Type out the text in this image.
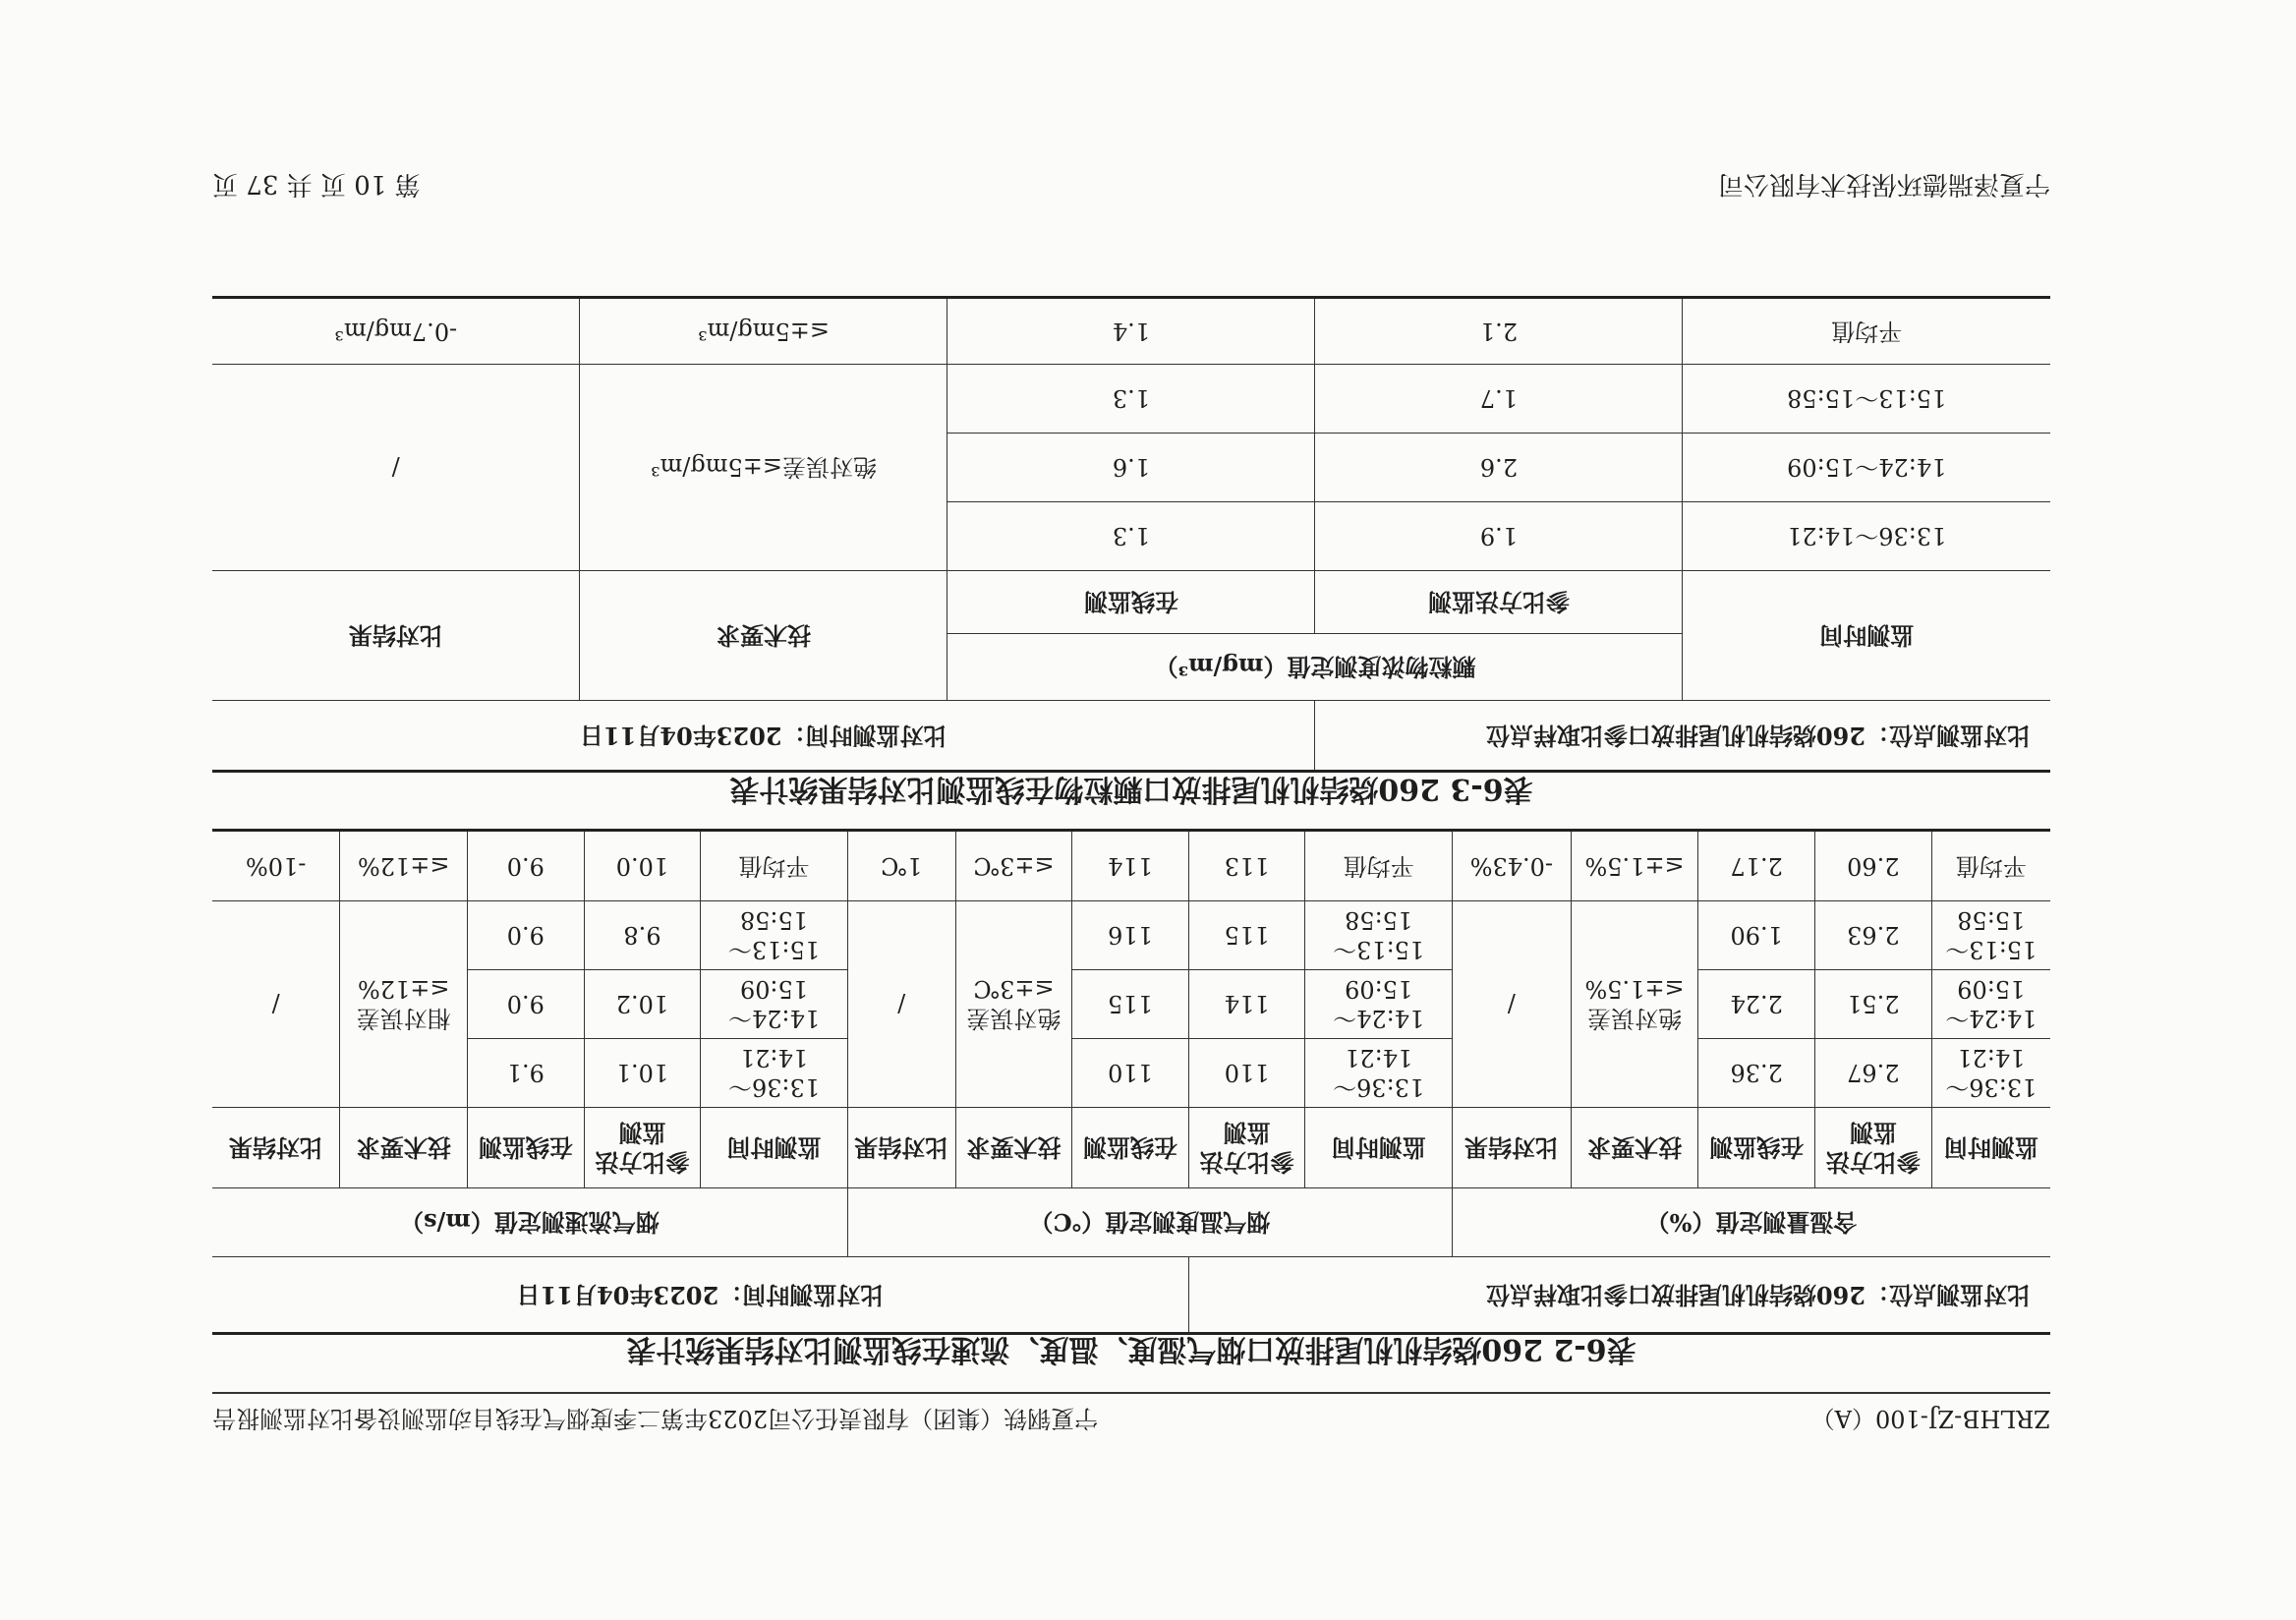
ZRLHB-ZJ-100（A）
宁夏钢铁（集团）有限责任公司2023年第二季度烟气在线自动监测设备比对监测报告
表6-2 260烧结机机尾排放口烟气湿度、温度、流速在线监测比对结果统计表
比对监测点位：260烧结机机尾排放口参比取样点位							比对监测时间：2023年04月11日							
含湿量测定值（%）					烟气温度测定值（℃）					烟气流速测定值（m/s）				
监测时间	参比方法监测	在线监测	技术要求	比对结果	监测时间	参比方法监测	在线监测	技术要求	比对结果	监测时间	参比方法监测	在线监测	技术要求	比对结果
13:36～14:21	2.67	2.36	绝对误差≤±1.5%	/	13:36～14:21	110	110	绝对误差≤±3℃	/	13:36～14:21	10.1	9.1	相对误差≤±12%	/
14:24～15:09	2.51	2.24			14:24～15:09	114	115			14:24～15:09	10.2	9.0		
15:13～15:58	2.63	1.90			15:13～15:58	115	116			15:13～15:58	9.8	9.0		
平均值	2.60	2.17	≤±1.5%	-0.43%	平均值	113	114	≤±3℃	1℃	平均值	10.0	9.0	≤±12%	-10%
表6-3 260烧结机机尾排放口颗粒物在线监测比对结果统计表
比对监测点位：260烧结机机尾排放口参比取样点位		比对监测时间：2023年04月11日		
监测时间	颗粒物浓度测定值（mg/m³）		技术要求	比对结果
	参比方法监测	在线监测		
13:36～14:21	1.9	1.3	绝对误差≤±5mg/m³	/
14:24～15:09	2.6	1.6		
15:13～15:58	1.7	1.3		
平均值	2.1	1.4	≤±5mg/m³	-0.7mg/m³
宁夏泽瑞德环保技术有限公司
第 10 页 共 37 页
